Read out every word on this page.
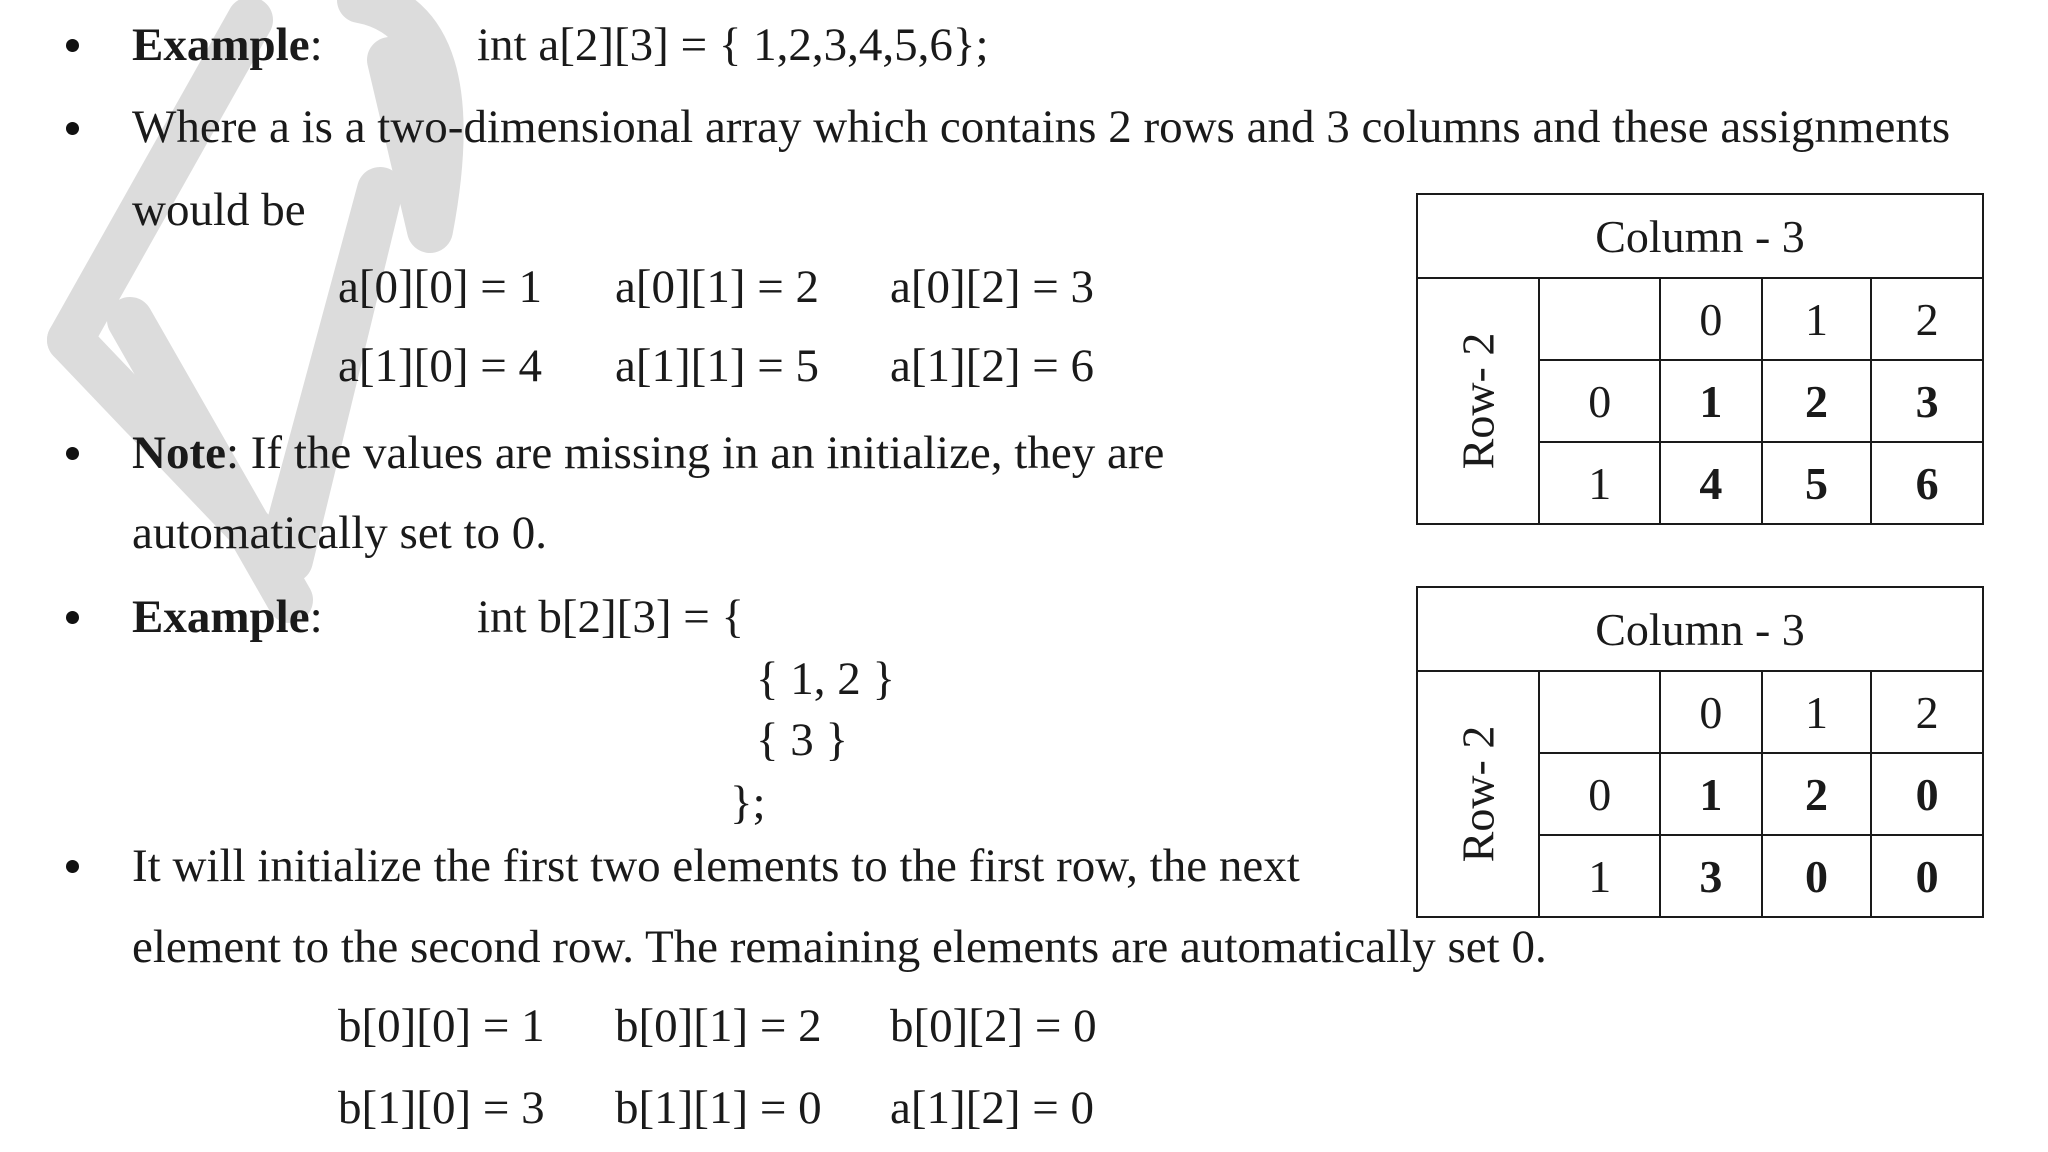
Example:	int a[2][3] = { 1,2,3,4,5,6};
Where a is a two-dimensional array which contains 2 rows and 3 columns and these assignments
would be
a[0][0] = 1 a[0][1] = 2 a[0][2] = 3
a[1][0] = 4 a[1][1] = 5 a[1][2] = 6
Note: If the values are missing in an initialize, they are
automatically set to 0.
Example:	int b[2][3] = {
{ 1, 2 }
{ 3 }
};
It will initialize the first two elements to the first row, the next
element to the second row. The remaining elements are automatically set 0.
b[0][0] = 1 b[0][1] = 2 b[0][2] = 0
b[1][0] = 3 b[1][1] = 0 a[1][2] = 0
Column - 3				

Row- 2		0	1	2
	0	1	2	3
	1	4	5	6
Column - 3				

Row- 2		0	1	2
	0	1	2	0
	1	3	0	0
